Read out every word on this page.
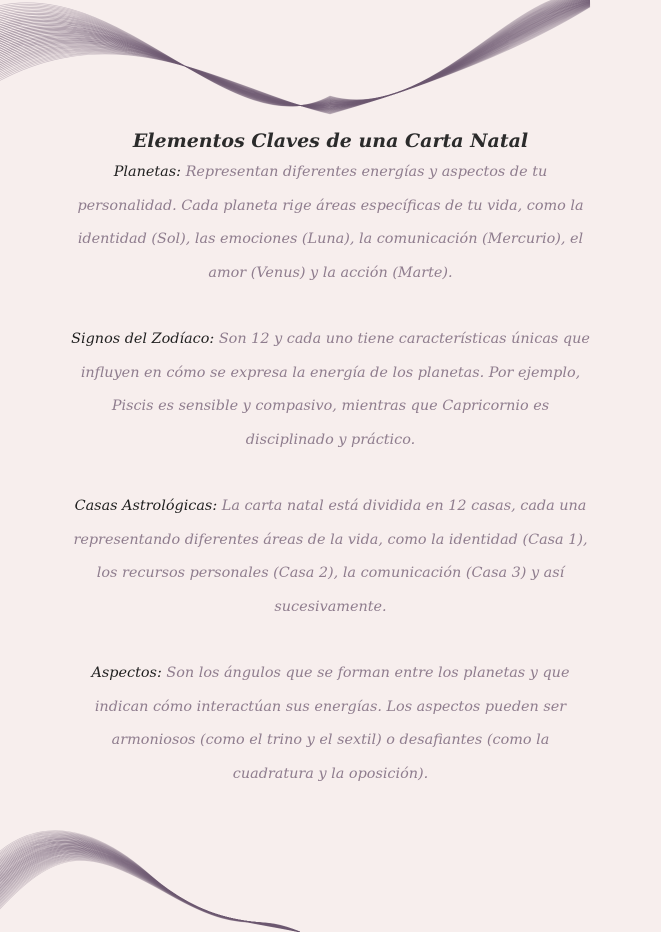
Elementos Claves de una Carta Natal

Planetas: Representan diferentes energías y aspectos de tu personalidad. Cada planeta rige áreas específicas de tu vida, como la identidad (Sol), las emociones (Luna), la comunicación (Mercurio), el amor (Venus) y la acción (Marte).

Signos del Zodíaco: Son 12 y cada uno tiene características únicas que influyen en cómo se expresa la energía de los planetas. Por ejemplo, Piscis es sensible y compasivo, mientras que Capricornio es disciplinado y práctico.

Casas Astrológicas: La carta natal está dividida en 12 casas, cada una representando diferentes áreas de la vida, como la identidad (Casa 1), los recursos personales (Casa 2), la comunicación (Casa 3) y así sucesivamente.

Aspectos: Son los ángulos que se forman entre los planetas y que indican cómo interactúan sus energías. Los aspectos pueden ser armoniosos (como el trino y el sextil) o desafiantes (como la cuadratura y la oposición).
